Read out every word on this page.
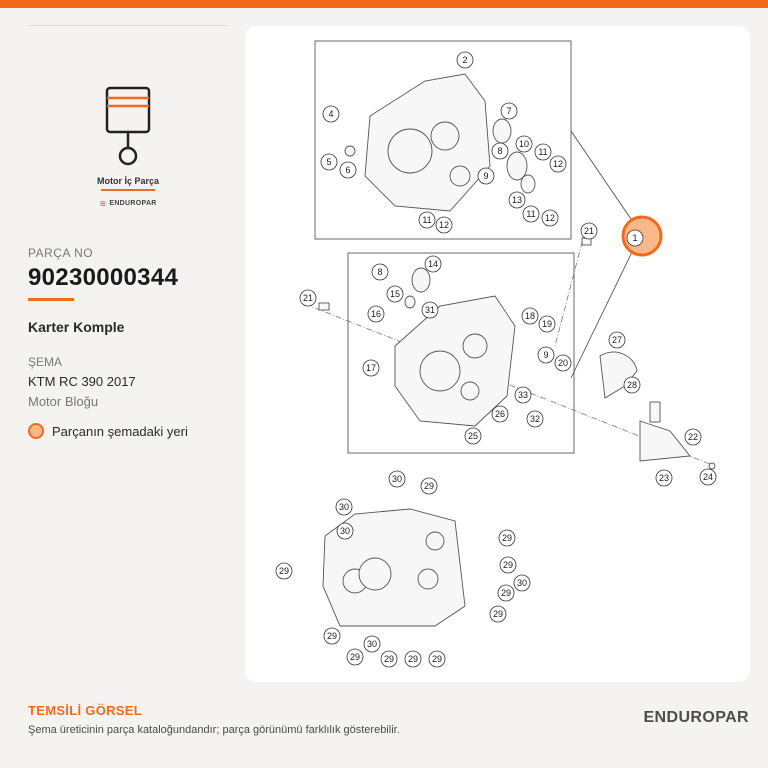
Motor İç Parça
≋ ENDUROPAR
PARÇA NO
90230000344
Karter Komple
ŞEMA
KTM RC 390 2017
Motor Bloğu
Parçanın şemadaki yeri
1
2
4
5
6
7
8
9
10
11
12
13
11 12
11 12
14
8
15
16	31
17
18
19
9
20
21
21
27
28
33
26	32
25	22
23	24
30
29
30
30
29
29
29
30
29
29
29
29
30
29 29 29
TEMSİLİ GÖRSEL
Şema üreticinin parça kataloğundandır; parça görünümü farklılık gösterebilir.
ENDUROPAR
